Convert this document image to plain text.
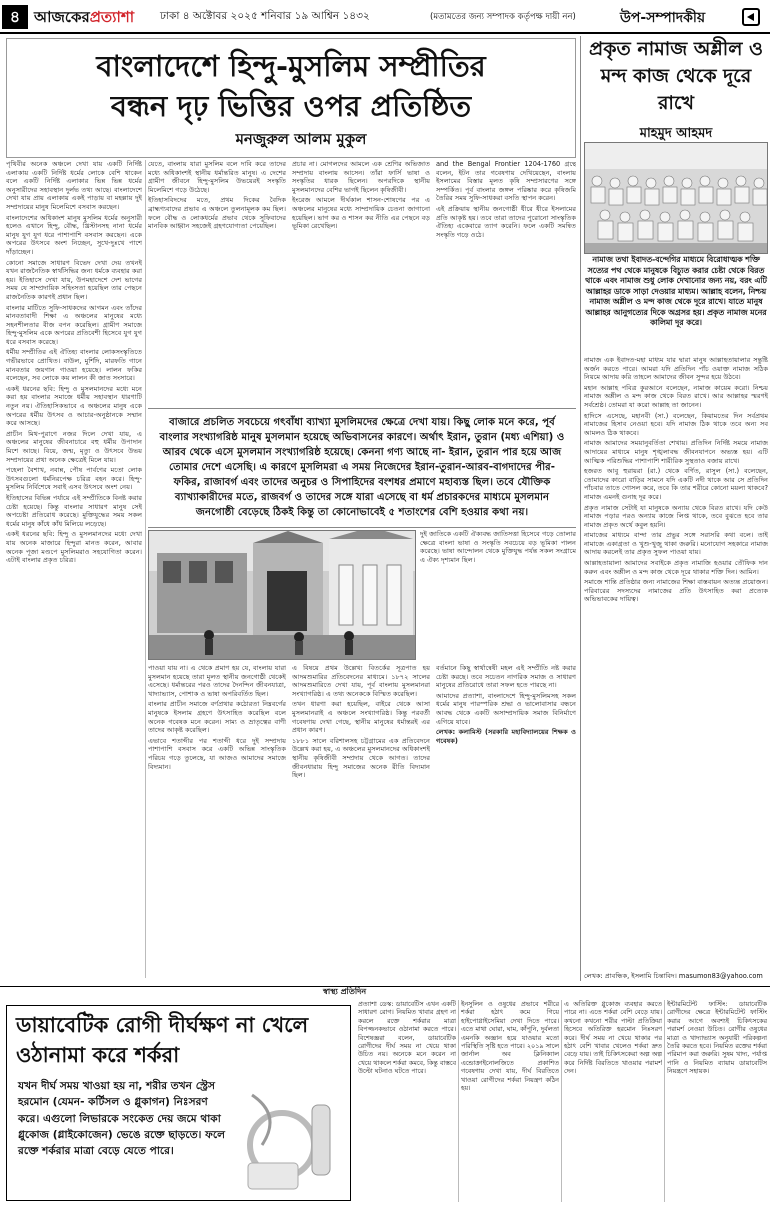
৪ আজকেরপ্রত্যাশা ঢাকা ৪ অক্টোবর ২০২৫ শনিবার ১৯ আশ্বিন ১৪৩২	(মতামতের জন্য সম্পাদক কর্তৃপক্ষ দায়ী নন)	উপ-সম্পাদকীয়
বাংলাদেশে হিন্দু-মুসলিম সম্প্রীতির
বন্ধন দৃঢ় ভিত্তির ওপর প্রতিষ্ঠিত
মনজুরুল আলম মুকুল

পৃথিবীর অনেক অঞ্চলে দেখা যায় একটি নির্দিষ্ট এলাকায় একটি নির্দিষ্ট ধর্মের লোকে বেশি থাকেন বলে একটি নির্দিষ্ট এলাকার ভিন্ন ভিন্ন ধর্মের অনুসারীদের সহাবস্থান দুর্লভ তথ্য আছে। বাংলাদেশে দেখা যায় প্রায় এলাকায় একই পাড়ায় বা মহল্লায় দুই সম্প্রদায়ের মানুষ মিলেমিশে বসবাস করছেন।

বাংলাদেশের অধিকাংশ মানুষ মুসলিম ধর্মের অনুসারী হলেও এখানে হিন্দু, বৌদ্ধ, খ্রিস্টানসহ নানা ধর্মের মানুষ যুগ যুগ ধরে পাশাপাশি বসবাস করছেন। একে অপরের উৎসবে অংশ নিচ্ছেন, সুখে-দুঃখে পাশে দাঁড়াচ্ছেন।

কোনো সমাজে সাধারণ বিভেদ দেখা দেয় তখনই যখন রাজনৈতিক স্বার্থসিদ্ধির জন্য ধর্মকে ব্যবহার করা হয়। ইতিহাসে দেখা যায়, উপমহাদেশে দেশ ভাগের সময় যে সাম্প্রদায়িক সহিংসতা হয়েছিল তার পেছনে রাজনৈতিক কারণই প্রধান ছিল।

বাংলার মাটিতে সুফি-সাধকদের আগমন এবং তাঁদের মানবতাবাদী শিক্ষা এ অঞ্চলের মানুষের মধ্যে সহনশীলতার বীজ বপন করেছিল। গ্রামীণ সমাজে হিন্দু-মুসলিম একে অপরের প্রতিবেশী হিসেবে যুগ যুগ ধরে বসবাস করেছে।

ধর্মীয় সম্প্রীতির এই ঐতিহ্য বাংলার লোকসংস্কৃতিতে গভীরভাবে প্রোথিত। বাউল, মুর্শিদি, মারফতি গানে মানবতার জয়গান গাওয়া হয়েছে। লালন ফকির বলেছেন, সব লোকে কয় লালন কী জাত সংসারে।

একই ধরনের ছবি: হিন্দু ও মুসলমানদের মধ্যে মনে করা হয় বাংলার সমাজে ধর্মীয় সহাবস্থান ধারণাটি নতুন নয়। ঐতিহাসিকভাবে এ অঞ্চলের মানুষ একে অপরের ধর্মীয় উৎসব ও আচার-অনুষ্ঠানকে সম্মান করে আসছে।

প্রাচীন মিথ-পুরাণে নজর দিলে দেখা যায়, এ অঞ্চলের মানুষের জীবনাচারে বহু ধর্মীয় উপাদান মিশে আছে। বিয়ে, জন্ম, মৃত্যু ও উৎসবে উভয় সম্প্রদায়ের প্রথা অনেক ক্ষেত্রেই মিলে যায়।

পহেলা বৈশাখ, নবান্ন, পৌষ পার্বণের মতো লোক উৎসবগুলো ধর্মনিরপেক্ষ চরিত্র বহন করে। হিন্দু-মুসলিম নির্বিশেষে সবাই এসব উৎসবে অংশ নেয়।

ইতিহাসের বিভিন্ন পর্যায়ে এই সম্প্রীতিকে বিনষ্ট করার চেষ্টা হয়েছে। কিন্তু বাংলার সাধারণ মানুষ সেই অপচেষ্টা প্রতিরোধ করেছে। মুক্তিযুদ্ধের সময় সকল ধর্মের মানুষ কাঁধে কাঁধ মিলিয়ে লড়েছে।

একই ধরনের ছবি: হিন্দু ও মুসলমানদের মধ্যে দেখা যায় অনেক মাজারে হিন্দুরা মানত করেন, আবার অনেক পূজা মণ্ডপে মুসলিমরাও সহযোগিতা করেন। এটাই বাংলার প্রকৃত চরিত্র।

যেতে, বাংলায় যারা মুসলিম বলে দাবি করে তাদের মধ্যে অধিকাংশই স্থানীয় ধর্মান্তরিত মানুষ। এ দেশের গ্রামীণ জীবনে হিন্দু-মুসলিম উভয়েরই সংস্কৃতি মিলেমিশে গড়ে উঠেছে।

ইতিহাসবিদদের মতে, প্রথম দিকের বৈদিক ব্রাহ্মণ্যবাদের প্রভাব এ অঞ্চলে তুলনামূলক কম ছিল। ফলে বৌদ্ধ ও লোকধর্মের প্রভাব থেকে সুফিবাদের মানবিক আহ্বান সহজেই গ্রহণযোগ্যতা পেয়েছিল।

প্রচার না। মোগলদের আমলে এক শ্রেণির অভিজাত সম্প্রদায় বাংলায় আসেন। তাঁরা ফার্সি ভাষা ও সংস্কৃতির ধারক ছিলেন। অপরদিকে স্থানীয় মুসলমানদের বেশির ভাগই ছিলেন কৃষিজীবী।

ইংরেজ আমলে দীর্ঘকাল শাসন-শোষণের পর এ অঞ্চলের মানুষের মধ্যে সাম্প্রদায়িক চেতনা জাগানো হয়েছিল। ভাগ কর ও শাসন কর নীতি এর পেছনে বড় ভূমিকা রেখেছিল।

and the Bengal Frontier 1204-1760 গ্রন্থে বলেন, ইটন তার গবেষণায় দেখিয়েছেন, বাংলায় ইসলামের বিস্তার মূলত কৃষি সম্প্রসারণের সঙ্গে সম্পর্কিত। পূর্ব বাংলার জঙ্গল পরিষ্কার করে কৃষিজমি তৈরির সময় সুফি-সাধকরা বসতি স্থাপন করেন।

এই প্রক্রিয়ায় স্থানীয় জনগোষ্ঠী ধীরে ধীরে ইসলামের প্রতি আকৃষ্ট হয়। তবে তারা তাদের পুরোনো সাংস্কৃতিক ঐতিহ্য একেবারে ত্যাগ করেনি। ফলে একটি সমন্বিত সংস্কৃতি গড়ে ওঠে।

বাজারে প্রচলিত সবচেয়ে গৎবাঁধা ব্যাখ্যা মুসলিমদের ক্ষেত্রে দেখা যায়। কিছু লোক মনে করে, পূর্ব বাংলার সংখ্যাগরিষ্ঠ মানুষ মুসলমান হয়েছে অভিবাসনের কারণে। অর্থাৎ ইরান, তুরান (মধ্য এশিয়া) ও আরব থেকে এসে মুসলমান সংখ্যাগরিষ্ঠ হয়েছে। কেননা গণ্য আছে না- ইরান, তুরান পার হয়ে আজ তোমার দেশে এসেছি। এ কারণে মুসলিমরা এ সময় নিজেদের ইরান-তুরান-আরব-বাগদাদের পীর-ফকির, রাজাবর্গ এবং তাদের অনুচর ও সিপাহিদের বংশধর প্রমাণে মহাব্যস্ত ছিল। তবে যৌক্তিক ব্যাখ্যাকারীদের মতে, রাজবর্গ ও তাদের সঙ্গে যারা এসেছে বা ধর্ম প্রচারকদের মাধ্যমে মুসলমান জনগোষ্ঠী বেড়েছে ঠিকই কিন্তু তা কোনোভাবেই ৫ শতাংশের বেশি হওয়ার কথা নয়।

পাওয়া যায় না। এ থেকে প্রমাণ হয় যে, বাংলায় যারা মুসলমান হয়েছে তারা মূলত স্থানীয় জনগোষ্ঠী থেকেই এসেছে। ধর্মান্তরের পরও তাদের দৈনন্দিন জীবনযাত্রা, খাদ্যাভ্যাস, পোশাক ও ভাষা অপরিবর্তিত ছিল।

বাংলার প্রাচীন সমাজে বর্ণপ্রথার কঠোরতা নিম্নবর্গের মানুষকে ইসলাম গ্রহণে উৎসাহিত করেছিল বলে অনেক গবেষক মনে করেন। সাম্য ও ভ্রাতৃত্বের বাণী তাদের আকৃষ্ট করেছিল।

এভাবে শতাব্দীর পর শতাব্দী ধরে দুই সম্প্রদায় পাশাপাশি বসবাস করে একটি অভিন্ন সাংস্কৃতিক পরিচয় গড়ে তুলেছে, যা আজও আমাদের সমাজে বিদ্যমান।

এ বিষয়ে প্রথম উল্লেখ্য বিতর্কের সূত্রপাত হয় আদমশুমারির প্রতিবেদনের মাধ্যমে। ১৮৭২ সালের আদমশুমারিতে দেখা যায়, পূর্ব বাংলায় মুসলমানরা সংখ্যাগরিষ্ঠ। এ তথ্য অনেককে বিস্মিত করেছিল।

তখন ধারণা করা হয়েছিল, বাইরে থেকে আসা মুসলমানরাই এ অঞ্চলে সংখ্যাগরিষ্ঠ। কিন্তু পরবর্তী গবেষণায় দেখা গেছে, স্থানীয় মানুষের ধর্মান্তরই এর প্রধান কারণ।

১৮৮১ সালে বরিশালসহ চট্টগ্রামের এক প্রতিবেদনে উল্লেখ করা হয়, এ অঞ্চলের মুসলমানদের অধিকাংশই স্থানীয় কৃষিজীবী সম্প্রদায় থেকে আগত। তাদের জীবনধারায় হিন্দু সমাজের অনেক রীতি বিদ্যমান ছিল।

দুই জাতিকে একটি ঐক্যবদ্ধ জাতিসত্তা হিসেবে গড়ে তোলার ক্ষেত্রে বাংলা ভাষা ও সংস্কৃতি সবচেয়ে বড় ভূমিকা পালন করেছে। ভাষা আন্দোলন থেকে মুক্তিযুদ্ধ পর্যন্ত সকল সংগ্রামে এ ঐক্য দৃশ্যমান ছিল।

বর্তমানে কিছু স্বার্থান্বেষী মহল এই সম্প্রীতি নষ্ট করার চেষ্টা করছে। তবে সচেতন নাগরিক সমাজ ও সাধারণ মানুষের প্রতিরোধে তারা সফল হতে পারছে না।

আমাদের প্রত্যাশা, বাংলাদেশে হিন্দু-মুসলিমসহ সকল ধর্মের মানুষ পারস্পরিক শ্রদ্ধা ও ভালোবাসার বন্ধনে আবদ্ধ থেকে একটি অসাম্প্রদায়িক সমাজ বিনির্মাণে এগিয়ে যাবে।

লেখক: কলামিস্ট (সরকারি মহাবিদ্যালয়ের শিক্ষক ও গবেষক)

প্রকৃত নামাজ অশ্লীল ও মন্দ কাজ থেকে দূরে রাখে
মাহমুদ আহমদ
নামাজ তথা ইবাদত-বন্দেগির মাধ্যমে বিরোধাত্মক শক্তি সত্যের পথ থেকে মানুষকে বিচ্যুত করার চেষ্টা থেকে বিরত থাকে এবং নামাজ শুধু লোক দেখানোর জন্য নয়, বরং এটি আল্লাহর ডাকে সাড়া দেওয়ার মাধ্যম। আল্লাহ বলেন, নিশ্চয় নামাজ অশ্লীল ও মন্দ কাজ থেকে দূরে রাখে। যাতে মানুষ আল্লাহর আনুগত্যের দিকে অগ্রসর হয়। প্রকৃত নামাজ মনের কালিমা দূর করে।

নামাজ এক ইবাদত-মহা মাধ্যম যার দ্বারা মানুষ আল্লাহতায়ালার সন্তুষ্টি অর্জন করতে পারে। আমরা যদি প্রতিদিন পাঁচ ওয়াক্ত নামাজ সঠিক নিয়মে আদায় করি তাহলে আমাদের জীবন সুন্দর হয়ে উঠবে।

মহান আল্লাহ পবিত্র কুরআনে বলেছেন, নামাজ কায়েম করো। নিশ্চয় নামাজ অশ্লীল ও মন্দ কাজ থেকে বিরত রাখে। আর আল্লাহর স্মরণই সর্বশ্রেষ্ঠ। তোমরা যা করো আল্লাহ তা জানেন।

হাদিসে এসেছে, মহানবী (সা.) বলেছেন, কিয়ামতের দিন সর্বপ্রথম নামাজের হিসাব নেওয়া হবে। যদি নামাজ ঠিক থাকে তবে অন্য সব আমলও ঠিক থাকবে।

নামাজ আমাদের সময়ানুবর্তিতা শেখায়। প্রতিদিন নির্দিষ্ট সময়ে নামাজ আদায়ের মাধ্যমে মানুষ শৃঙ্খলাবদ্ধ জীবনযাপনে অভ্যস্ত হয়। এটি আত্মিক পরিশুদ্ধির পাশাপাশি শারীরিক সুস্থতাও বজায় রাখে।

হজরত আবু হুরায়রা (রা.) থেকে বর্ণিত, রাসুল (সা.) বলেছেন, তোমাদের কারো বাড়ির সামনে যদি একটি নদী থাকে আর সে প্রতিদিন পাঁচবার তাতে গোসল করে, তবে কি তার শরীরে কোনো ময়লা থাকবে? নামাজ এমনই গুনাহ দূর করে।

প্রকৃত নামাজ সেটাই যা মানুষকে অন্যায় থেকে বিরত রাখে। যদি কেউ নামাজ পড়ার পরও অন্যায় কাজে লিপ্ত থাকে, তবে বুঝতে হবে তার নামাজ প্রকৃত অর্থে কবুল হয়নি।

নামাজের মাধ্যমে বান্দা তার প্রভুর সঙ্গে সরাসরি কথা বলে। তাই নামাজে একাগ্রতা ও খুশু-খুজু থাকা জরুরি। মনোযোগ সহকারে নামাজ আদায় করলেই তার প্রকৃত সুফল পাওয়া যায়।

আল্লাহতায়ালা আমাদের সবাইকে প্রকৃত নামাজি হওয়ার তৌফিক দান করুন এবং অশ্লীল ও মন্দ কাজ থেকে দূরে থাকার শক্তি দিন। আমিন।

সমাজে শান্তি প্রতিষ্ঠার জন্য নামাজের শিক্ষা বাস্তবায়ন অত্যন্ত প্রয়োজন। পরিবারের সদস্যদের নামাজের প্রতি উৎসাহিত করা প্রত্যেক অভিভাবকের দায়িত্ব।

লেখক: প্রাবন্ধিক, ইসলামি চিন্তাবিদ। masumon83@yahoo.com
স্বাস্থ্য প্রতিদিন
ডায়াবেটিক রোগী দীর্ঘক্ষণ না খেলে ওঠানামা করে শর্করা
যখন দীর্ঘ সময় খাওয়া হয় না, শরীর তখন স্ট্রেস হরমোন (যেমন- কর্টিসল ও গ্লুকাগন) নিঃসরণ করে। এগুলো লিভারকে সংকেত দেয় জমে থাকা গ্লুকোজ (গ্লাইকোজেন) ভেঙে রক্তে ছাড়তে। ফলে রক্তে শর্করার মাত্রা বেড়ে যেতে পারে।
প্রত্যাশা ডেস্ক: ডায়াবেটিস এখন একটি সাধারণ রোগ। নিয়মিত খাবার গ্রহণ না করলে রক্তে শর্করার মাত্রা বিপজ্জনকভাবে ওঠানামা করতে পারে। বিশেষজ্ঞরা বলেন, ডায়াবেটিক রোগীদের দীর্ঘ সময় না খেয়ে থাকা উচিত নয়। অনেকে মনে করেন না খেয়ে থাকলে শর্করা কমবে, কিন্তু বাস্তবে উল্টো ঘটনাও ঘটতে পারে।
ইনসুলিন ও ওষুধের প্রভাবে শরীরে শর্করা হঠাৎ কমে গিয়ে হাইপোগ্লাইসেমিয়া দেখা দিতে পারে। এতে মাথা ঘোরা, ঘাম, কাঁপুনি, দুর্বলতা এমনকি অজ্ঞান হয়ে যাওয়ার মতো পরিস্থিতি সৃষ্টি হতে পারে। ২০১৯ সালে জার্নাল অব ক্লিনিক্যাল এন্ডোক্রাইনোলজিতে প্রকাশিত গবেষণায় দেখা যায়, দীর্ঘ বিরতিতে খাওয়া রোগীদের শর্করা নিয়ন্ত্রণ কঠিন হয়।
এ অতিরিক্ত গ্লুকোজ ব্যবহার করতে পারে না। এতে শর্করা বেশি বেড়ে যায়। কখনো কখনো শরীর পাল্টা প্রতিক্রিয়া হিসেবে অতিরিক্ত হরমোন নিঃসরণ করে। দীর্ঘ সময় না খেয়ে থাকার পর হঠাৎ বেশি খাবার খেলেও শর্করা দ্রুত বেড়ে যায়। তাই চিকিৎসকেরা অল্প অল্প করে নির্দিষ্ট বিরতিতে খাওয়ার পরামর্শ দেন।
ইন্টারমিটেন্ট ফাস্টিং: ডায়াবেটিক রোগীদের ক্ষেত্রে ইন্টারমিটেন্ট ফাস্টিং করার আগে অবশ্যই চিকিৎসকের পরামর্শ নেওয়া উচিত। রোগীর ওষুধের মাত্রা ও খাদ্যাভ্যাস অনুযায়ী পরিকল্পনা তৈরি করতে হবে। নিয়মিত রক্তের শর্করা পরিমাপ করা জরুরি। সুষম খাদ্য, পর্যাপ্ত পানি ও নিয়মিত ব্যায়াম ডায়াবেটিস নিয়ন্ত্রণে সহায়ক।
